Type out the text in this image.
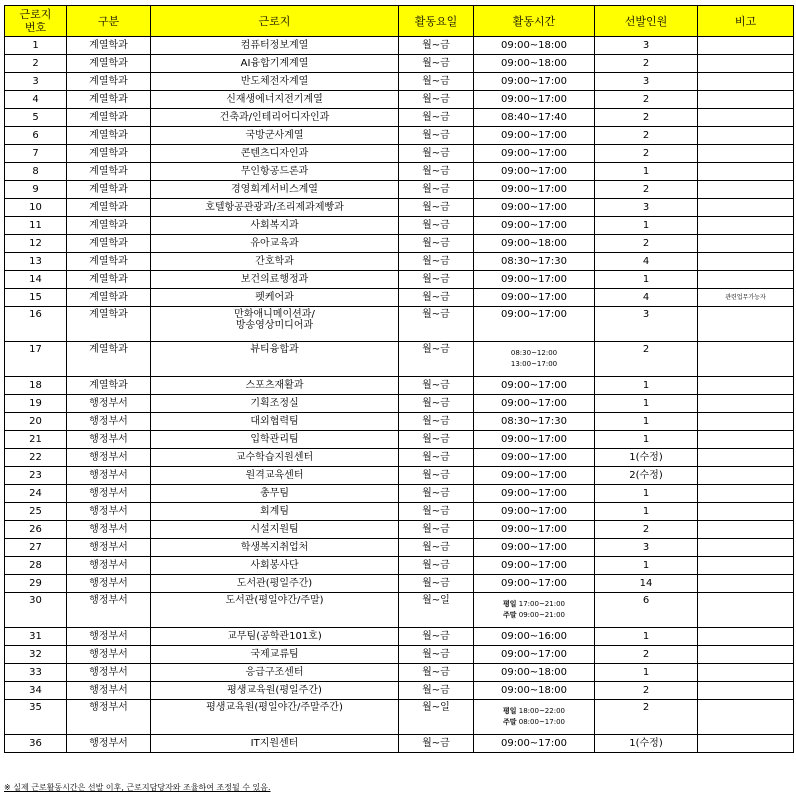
근로지
번호	구분	근로지	활동요일	활동시간	선발인원	비고
1	계열학과	컴퓨터정보계열	월~금	09:00~18:00	3	
2	계열학과	AI융합기계계열	월~금	09:00~18:00	2	
3	계열학과	반도체전자계열	월~금	09:00~17:00	3	
4	계열학과	신재생에너지전기계열	월~금	09:00~17:00	2	
5	계열학과	건축과/인테리어디자인과	월~금	08:40~17:40	2	
6	계열학과	국방군사계열	월~금	09:00~17:00	2	
7	계열학과	콘텐츠디자인과	월~금	09:00~17:00	2	
8	계열학과	무인항공드론과	월~금	09:00~17:00	1	
9	계열학과	경영회계서비스계열	월~금	09:00~17:00	2	
10	계열학과	호텔항공관광과/조리제과제빵과	월~금	09:00~17:00	3	
11	계열학과	사회복지과	월~금	09:00~17:00	1	
12	계열학과	유아교육과	월~금	09:00~18:00	2	
13	계열학과	간호학과	월~금	08:30~17:30	4	
14	계열학과	보건의료행정과	월~금	09:00~17:00	1	
15	계열학과	펫케어과	월~금	09:00~17:00	4	관련업무가능자
16	계열학과	만화애니메이션과/
방송영상미디어과	월~금	09:00~17:00	3	
17	계열학과	뷰티융합과	월~금	08:30~12:00
13:00~17:00	2	
18	계열학과	스포츠재활과	월~금	09:00~17:00	1	
19	행정부서	기획조정실	월~금	09:00~17:00	1	
20	행정부서	대외협력팀	월~금	08:30~17:30	1	
21	행정부서	입학관리팀	월~금	09:00~17:00	1	
22	행정부서	교수학습지원센터	월~금	09:00~17:00	1(수정)	
23	행정부서	원격교육센터	월~금	09:00~17:00	2(수정)	
24	행정부서	총무팀	월~금	09:00~17:00	1	
25	행정부서	회계팀	월~금	09:00~17:00	1	
26	행정부서	시설지원팀	월~금	09:00~17:00	2	
27	행정부서	학생복지취업처	월~금	09:00~17:00	3	
28	행정부서	사회봉사단	월~금	09:00~17:00	1	
29	행정부서	도서관(평일주간)	월~금	09:00~17:00	14	
30	행정부서	도서관(평일야간/주말)	월~일	평일 17:00~21:00
주말 09:00~21:00	6	
31	행정부서	교무팀(공학관101호)	월~금	09:00~16:00	1	
32	행정부서	국제교류팀	월~금	09:00~17:00	2	
33	행정부서	응급구조센터	월~금	09:00~18:00	1	
34	행정부서	평생교육원(평일주간)	월~금	09:00~18:00	2	
35	행정부서	평생교육원(평일야간/주말주간)	월~일	평일 18:00~22:00
주말 08:00~17:00	2	
36	행정부서	IT지원센터	월~금	09:00~17:00	1(수정)	
※ 실제 근로활동시간은 선발 이후, 근로지담당자와 조율하여 조정될 수 있음.
